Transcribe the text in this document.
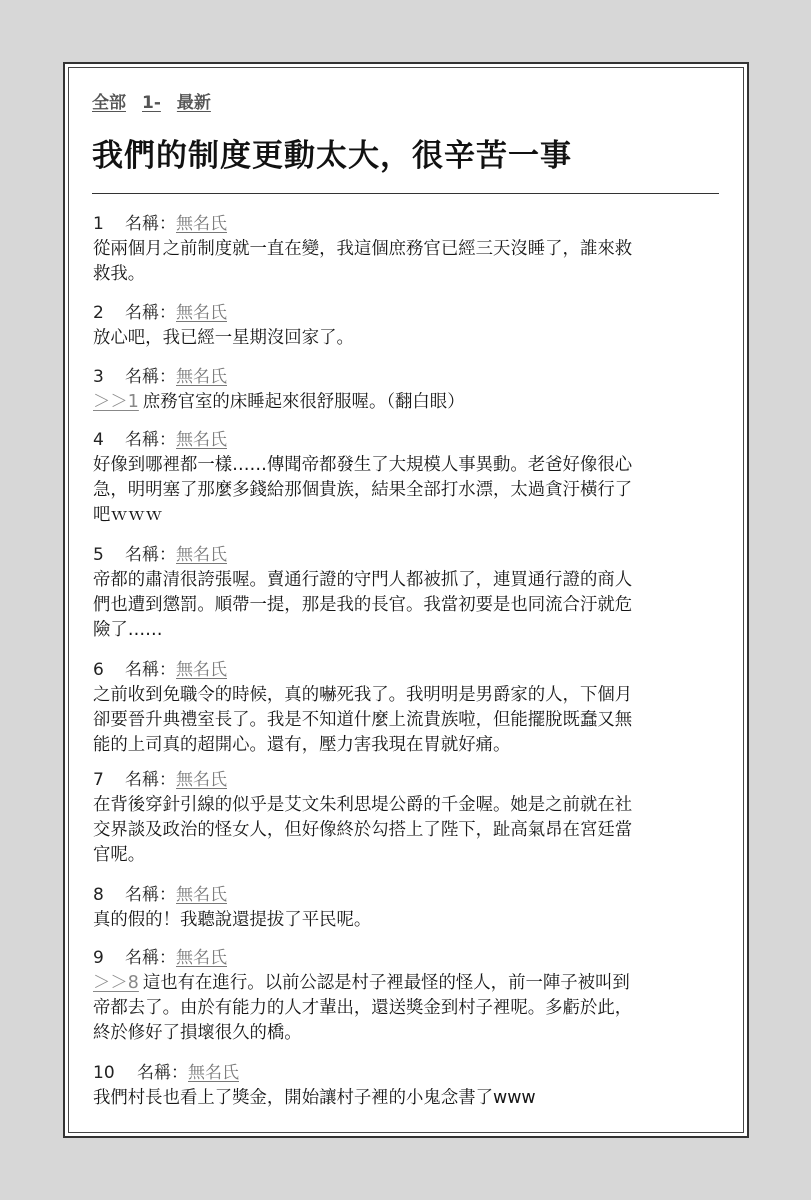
全部 1- 最新
我們的制度更動太大，很辛苦一事
1 名稱：無名氏
從兩個月之前制度就一直在變，我這個庶務官已經三天沒睡了，誰來救
救我。
2 名稱：無名氏
放心吧，我已經一星期沒回家了。
3 名稱：無名氏
＞＞1 庶務官室的床睡起來很舒服喔。（翻白眼）
4 名稱：無名氏
好像到哪裡都一樣……傳聞帝都發生了大規模人事異動。老爸好像很心
急，明明塞了那麼多錢給那個貴族，結果全部打水漂，太過貪汙橫行了
吧ｗｗｗ
5 名稱：無名氏
帝都的肅清很誇張喔。賣通行證的守門人都被抓了，連買通行證的商人
們也遭到懲罰。順帶一提，那是我的長官。我當初要是也同流合汙就危
險了……
6 名稱：無名氏
之前收到免職令的時候，真的嚇死我了。我明明是男爵家的人，下個月
卻要晉升典禮室長了。我是不知道什麼上流貴族啦，但能擺脫既蠢又無
能的上司真的超開心。還有，壓力害我現在胃就好痛。
7 名稱：無名氏
在背後穿針引線的似乎是艾文朱利思堤公爵的千金喔。她是之前就在社
交界談及政治的怪女人，但好像終於勾搭上了陛下，趾高氣昂在宮廷當
官呢。
8 名稱：無名氏
真的假的！我聽說還提拔了平民呢。
9 名稱：無名氏
＞＞8 這也有在進行。以前公認是村子裡最怪的怪人，前一陣子被叫到
帝都去了。由於有能力的人才輩出，還送獎金到村子裡呢。多虧於此，
終於修好了損壞很久的橋。
10 名稱：無名氏
我們村長也看上了獎金，開始讓村子裡的小鬼念書了www
